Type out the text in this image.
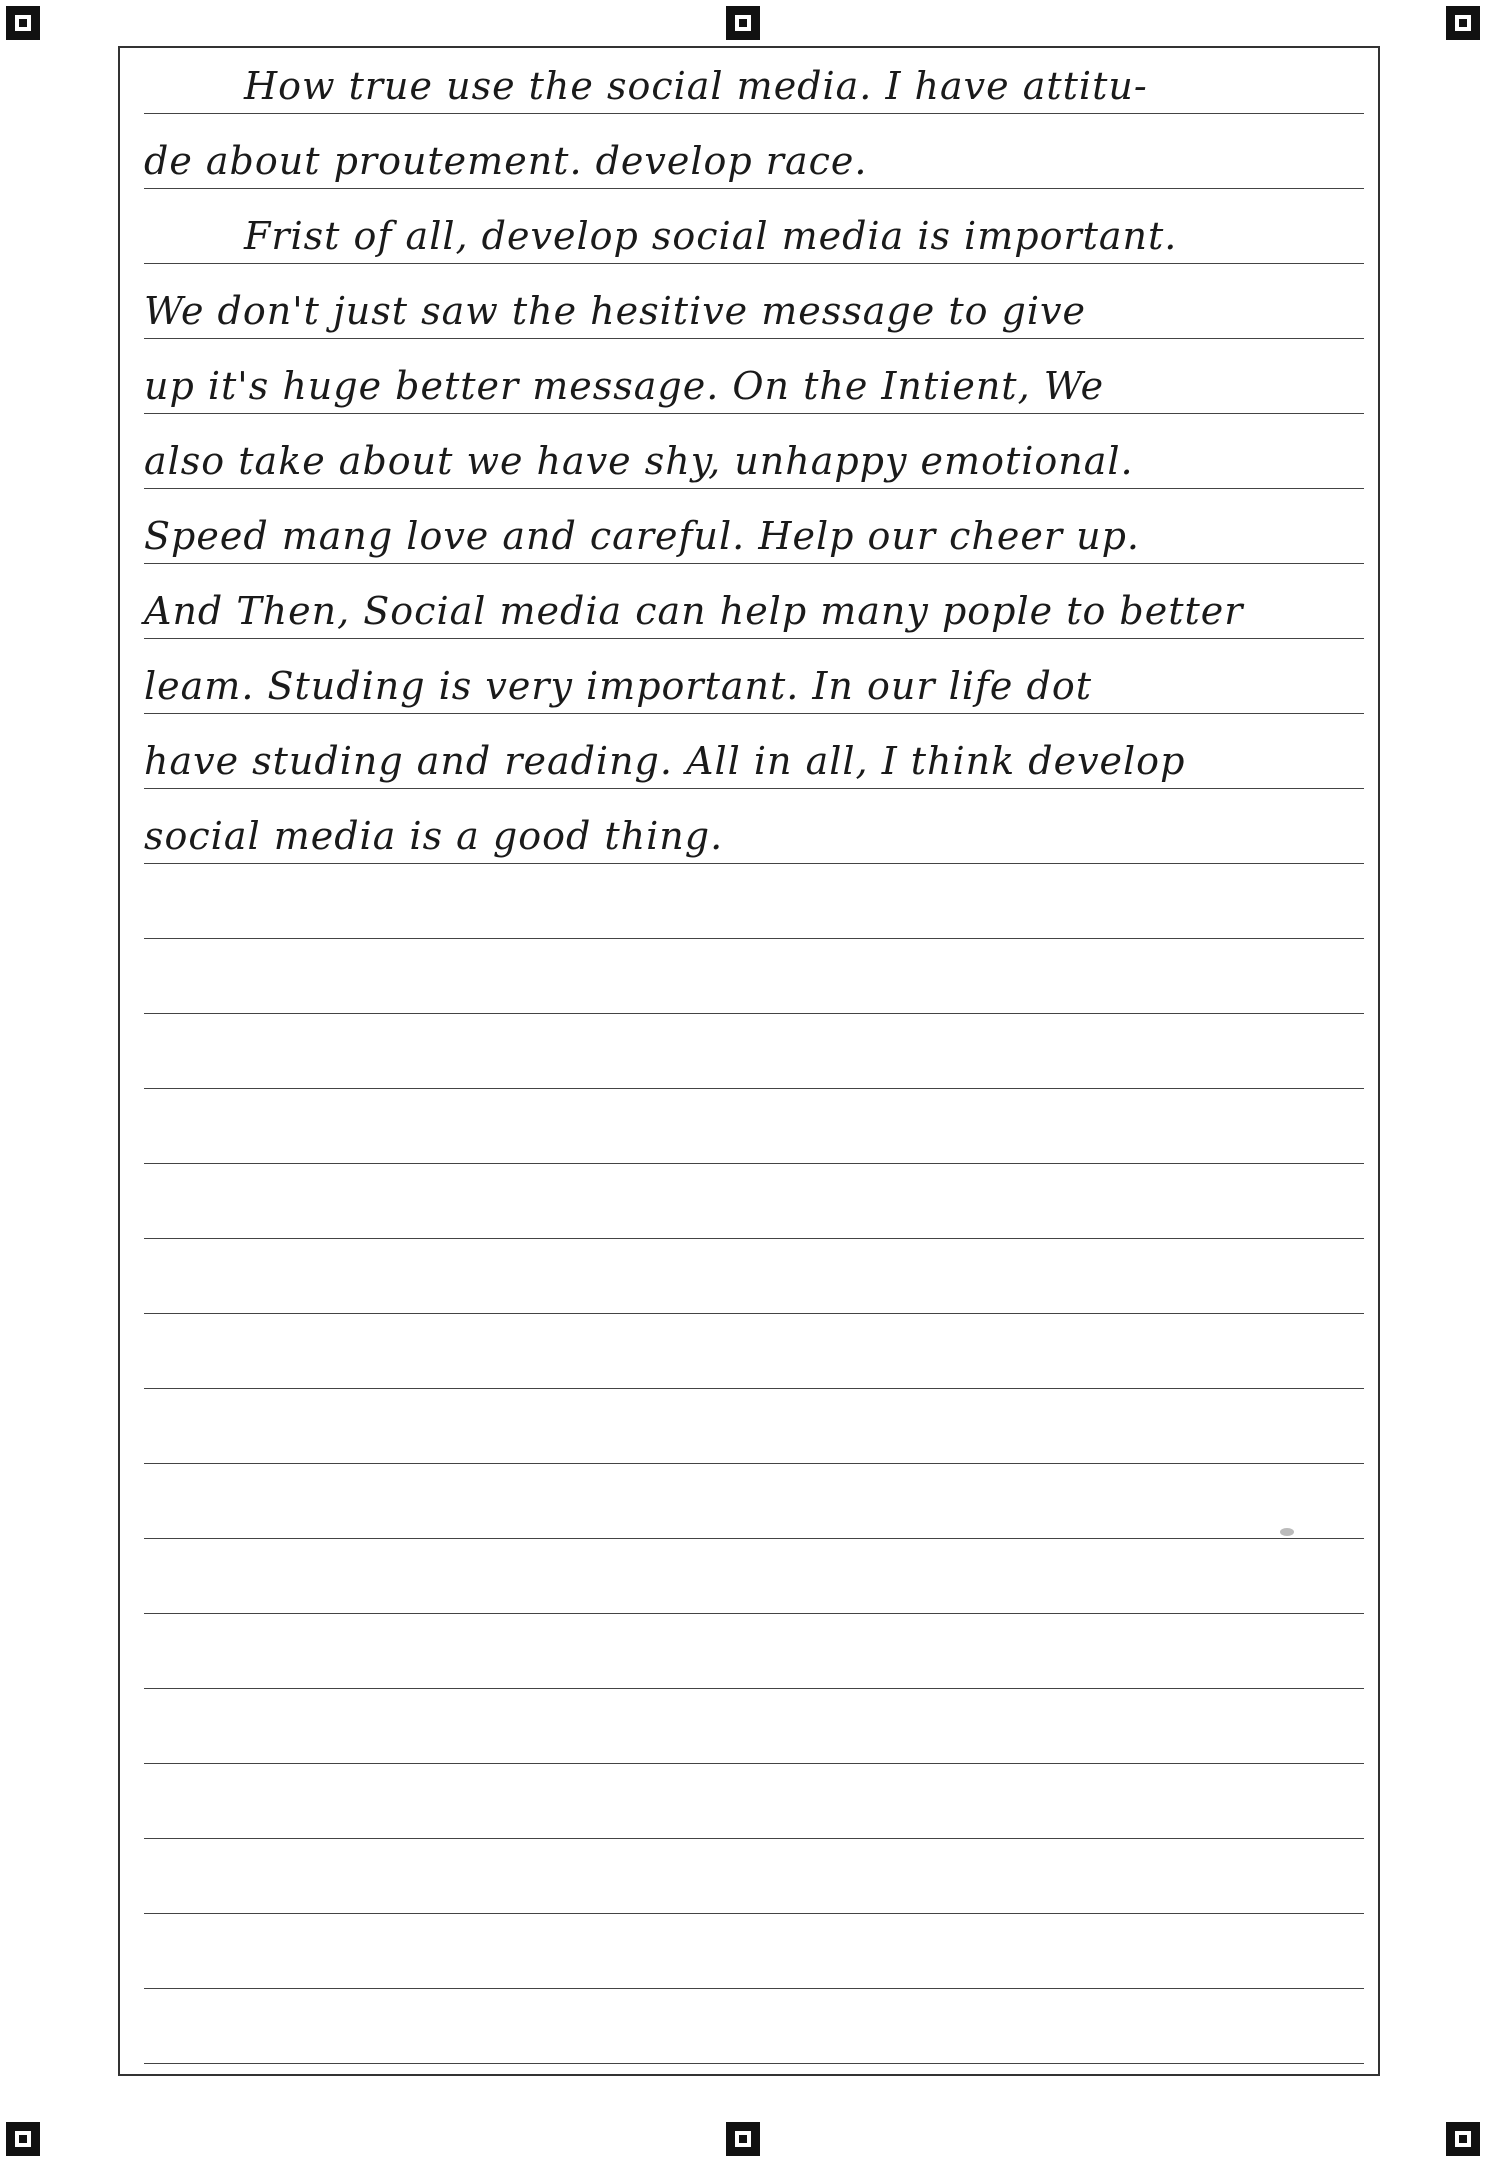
How true use the social media. I have attitu-
de about proutement. develop race.
Frist of all, develop social media is important.
We don't just saw the hesitive message to give
up it's huge better message. On the Intient, We
also take about we have shy, unhappy emotional.
Speed mang love and careful. Help our cheer up.
And Then, Social media can help many pople to better
leam. Studing is very important. In our life dot
have studing and reading. All in all, I think develop
social media is a good thing.
